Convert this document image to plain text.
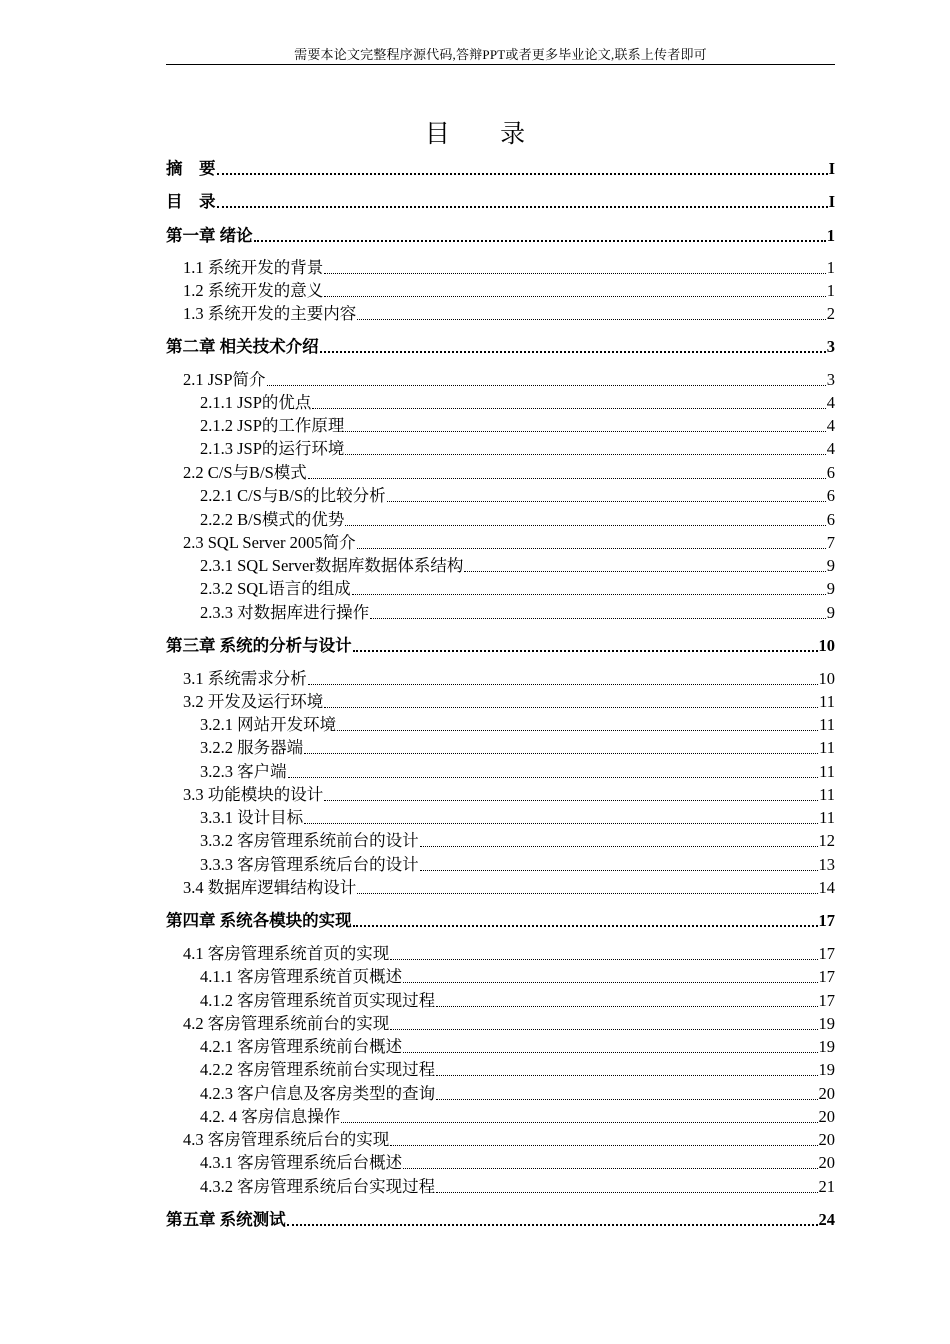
需要本论文完整程序源代码,答辩PPT或者更多毕业论文,联系上传者即可
目 录
摘　要	I
目　录	I
第一章 绪论	1
1.1 系统开发的背景	1
1.2 系统开发的意义	1
1.3 系统开发的主要内容	2
第二章 相关技术介绍	3
2.1 JSP简介	3
2.1.1 JSP的优点	4
2.1.2 JSP的工作原理	4
2.1.3 JSP的运行环境	4
2.2 C/S与B/S模式	6
2.2.1 C/S与B/S的比较分析	6
2.2.2 B/S模式的优势	6
2.3 SQL Server 2005简介	7
2.3.1 SQL Server数据库数据体系结构	9
2.3.2 SQL语言的组成	9
2.3.3 对数据库进行操作	9
第三章 系统的分析与设计	10
3.1 系统需求分析	10
3.2 开发及运行环境	11
3.2.1 网站开发环境	11
3.2.2 服务器端	11
3.2.3 客户端	11
3.3 功能模块的设计	11
3.3.1 设计目标	11
3.3.2 客房管理系统前台的设计	12
3.3.3 客房管理系统后台的设计	13
3.4 数据库逻辑结构设计	14
第四章 系统各模块的实现	17
4.1 客房管理系统首页的实现	17
4.1.1 客房管理系统首页概述	17
4.1.2 客房管理系统首页实现过程	17
4.2 客房管理系统前台的实现	19
4.2.1 客房管理系统前台概述	19
4.2.2 客房管理系统前台实现过程	19
4.2.3 客户信息及客房类型的查询	20
4.2. 4 客房信息操作	20
4.3 客房管理系统后台的实现	20
4.3.1 客房管理系统后台概述	20
4.3.2 客房管理系统后台实现过程	21
第五章 系统测试	24
